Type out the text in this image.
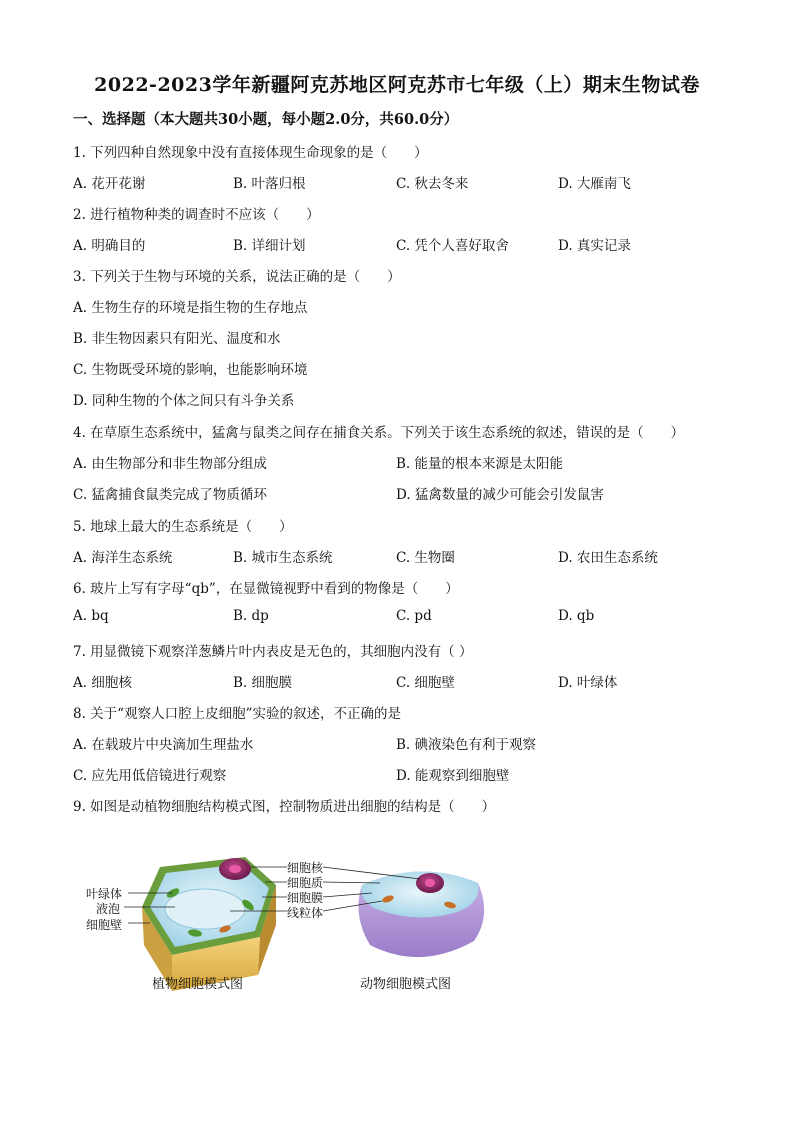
2022-2023学年新疆阿克苏地区阿克苏市七年级（上）期末生物试卷
一、选择题（本大题共30小题，每小题2.0分，共60.0分）
1. 下列四种自然现象中没有直接体现生命现象的是（　　）
A. 花开花谢	B. 叶落归根	C. 秋去冬来	D. 大雁南飞
2. 进行植物种类的调查时不应该（　　）
A. 明确目的	B. 详细计划	C. 凭个人喜好取舍	D. 真实记录
3. 下列关于生物与环境的关系，说法正确的是（　　）
A. 生物生存的环境是指生物的生存地点
B. 非生物因素只有阳光、温度和水
C. 生物既受环境的影响，也能影响环境
D. 同种生物的个体之间只有斗争关系
4. 在草原生态系统中，猛禽与鼠类之间存在捕食关系。下列关于该生态系统的叙述，错误的是（　　）
A. 由生物部分和非生物部分组成	B. 能量的根本来源是太阳能
C. 猛禽捕食鼠类完成了物质循环	D. 猛禽数量的减少可能会引发鼠害
5. 地球上最大的生态系统是（　　）
A. 海洋生态系统	B. 城市生态系统	C. 生物圈	D. 农田生态系统
6. 玻片上写有字母“qb”，在显微镜视野中看到的物像是（　　）
A. bq	B. dp	C. pd	D. qb
7. 用显微镜下观察洋葱鳞片叶内表皮是无色的，其细胞内没有（ ）
A. 细胞核	B. 细胞膜	C. 细胞壁	D. 叶绿体
8. 关于“观察人口腔上皮细胞”实验的叙述，不正确的是
A. 在载玻片中央滴加生理盐水	B. 碘液染色有利于观察
C. 应先用低倍镜进行观察	D. 能观察到细胞壁
9. 如图是动植物细胞结构模式图，控制物质进出细胞的结构是（　　）
叶绿体
液泡
细胞壁
细胞核
细胞质
细胞膜
线粒体
植物细胞模式图	动物细胞模式图
